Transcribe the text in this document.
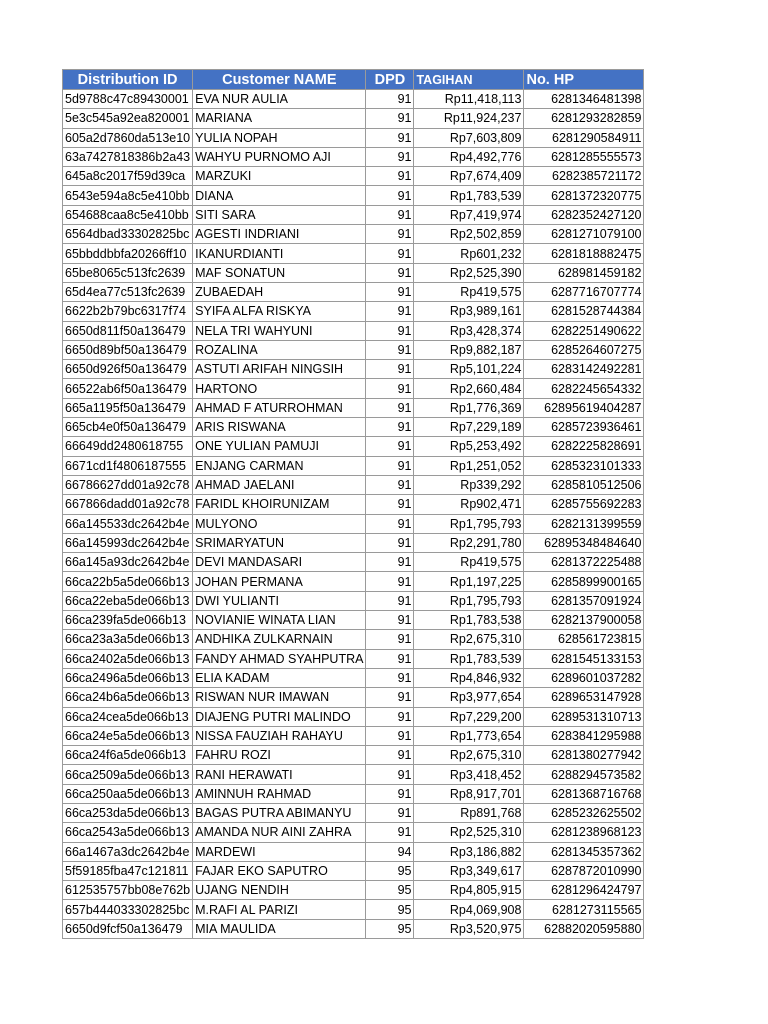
Distribution ID	Customer NAME	DPD	TAGIHAN	No. HP
5d9788c47c89430001	EVA NUR AULIA	91	Rp11,418,113	6281346481398
5e3c545a92ea820001	MARIANA	91	Rp11,924,237	6281293282859
605a2d7860da513e10	YULIA NOPAH	91	Rp7,603,809	6281290584911
63a7427818386b2a43	WAHYU PURNOMO AJI	91	Rp4,492,776	6281285555573
645a8c2017f59d39ca	MARZUKI	91	Rp7,674,409	6282385721172
6543e594a8c5e410bb	DIANA	91	Rp1,783,539	6281372320775
654688caa8c5e410bb	SITI SARA	91	Rp7,419,974	6282352427120
6564dbad33302825bc	AGESTI INDRIANI	91	Rp2,502,859	6281271079100
65bbddbbfa20266ff10	IKANURDIANTI	91	Rp601,232	6281818882475
65be8065c513fc2639	MAF SONATUN	91	Rp2,525,390	628981459182
65d4ea77c513fc2639	ZUBAEDAH	91	Rp419,575	6287716707774
6622b2b79bc6317f74	SYIFA ALFA RISKYA	91	Rp3,989,161	6281528744384
6650d811f50a136479	NELA TRI WAHYUNI	91	Rp3,428,374	6282251490622
6650d89bf50a136479	ROZALINA	91	Rp9,882,187	6285264607275
6650d926f50a136479	ASTUTI ARIFAH NINGSIH	91	Rp5,101,224	6283142492281
66522ab6f50a136479	HARTONO	91	Rp2,660,484	6282245654332
665a1195f50a136479	AHMAD F ATURROHMAN	91	Rp1,776,369	62895619404287
665cb4e0f50a136479	ARIS RISWANA	91	Rp7,229,189	6285723936461
66649dd248061875​5	ONE YULIAN PAMUJI	91	Rp5,253,492	6282225828691
6671cd1f4806187555	ENJANG CARMAN	91	Rp1,251,052	6285323101333
66786627dd01a92c78	AHMAD JAELANI	91	Rp339,292	6285810512506
667866dadd01a92c78	FARIDL KHOIRUNIZAM	91	Rp902,471	6285755692283
66a145533dc2642b4e	MULYONO	91	Rp1,795,793	6282131399559
66a145993dc2642b4e	SRIMARYATUN	91	Rp2,291,780	62895348484640
66a145a93dc2642b4e	DEVI MANDASARI	91	Rp419,575	6281372225488
66ca22b5a5de066b13	JOHAN PERMANA	91	Rp1,197,225	6285899900165
66ca22eba5de066b13	DWI YULIANTI	91	Rp1,795,793	6281357091924
66ca239fa5de066b13	NOVIANIE WINATA LIAN	91	Rp1,783,538	6282137900058
66ca23a3a5de066b13	ANDHIKA ZULKARNAIN	91	Rp2,675,310	628561723815
66ca2402a5de066b13	FANDY AHMAD SYAHPUTRA	91	Rp1,783,539	6281545133153
66ca2496a5de066b13	ELIA KADAM	91	Rp4,846,932	6289601037282
66ca24b6a5de066b13	RISWAN NUR IMAWAN	91	Rp3,977,654	6289653147928
66ca24cea5de066b13	DIAJENG PUTRI MALINDO	91	Rp7,229,200	6289531310713
66ca24e5a5de066b13	NISSA FAUZIAH RAHAYU	91	Rp1,773,654	6283841295988
66ca24f6a5de066b13	FAHRU ROZI	91	Rp2,675,310	6281380277942
66ca2509a5de066b13	RANI HERAWATI	91	Rp3,418,452	6288294573582
66ca250aa5de066b13	AMINNUH RAHMAD	91	Rp8,917,701	6281368716768
66ca253da5de066b13	BAGAS PUTRA ABIMANYU	91	Rp891,768	6285232625502
66ca2543a5de066b13	AMANDA NUR AINI ZAHRA	91	Rp2,525,310	6281238968123
66a1467a3dc2642b4e	MARDEWI	94	Rp3,186,882	6281345357362
5f59185fba47c121811	FAJAR EKO SAPUTRO	95	Rp3,349,617	6287872010990
612535757bb08e762b	UJANG NENDIH	95	Rp4,805,915	6281296424797
657b444033302825bc	M.RAFI AL PARIZI	95	Rp4,069,908	6281273115565
6650d9fcf50a136479	MIA MAULIDA	95	Rp3,520,975	62882020595880
